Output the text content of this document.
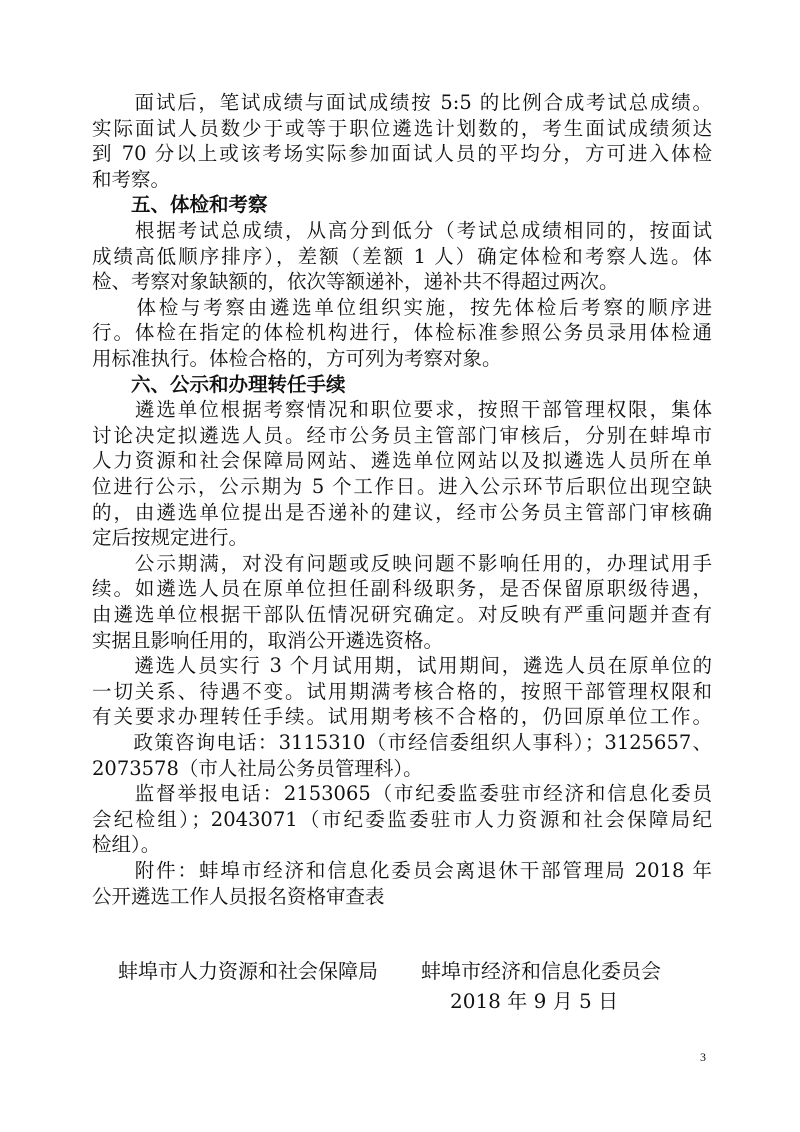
　　面试后，笔试成绩与面试成绩按 5:5 的比例合成考试总成绩。
实际面试人员数少于或等于职位遴选计划数的，考生面试成绩须达
到 70 分以上或该考场实际参加面试人员的平均分，方可进入体检
和考察。
　　五、体检和考察
　　根据考试总成绩，从高分到低分（考试总成绩相同的，按面试
成绩高低顺序排序），差额（差额 1 人）确定体检和考察人选。体
检、考察对象缺额的，依次等额递补，递补共不得超过两次。
　　体检与考察由遴选单位组织实施，按先体检后考察的顺序进
行。体检在指定的体检机构进行，体检标准参照公务员录用体检通
用标准执行。体检合格的，方可列为考察对象。
　　六、公示和办理转任手续
　　遴选单位根据考察情况和职位要求，按照干部管理权限，集体
讨论决定拟遴选人员。经市公务员主管部门审核后，分别在蚌埠市
人力资源和社会保障局网站、遴选单位网站以及拟遴选人员所在单
位进行公示，公示期为 5 个工作日。进入公示环节后职位出现空缺
的，由遴选单位提出是否递补的建议，经市公务员主管部门审核确
定后按规定进行。
　　公示期满，对没有问题或反映问题不影响任用的，办理试用手
续。如遴选人员在原单位担任副科级职务，是否保留原职级待遇，
由遴选单位根据干部队伍情况研究确定。对反映有严重问题并查有
实据且影响任用的，取消公开遴选资格。
　　遴选人员实行 3 个月试用期，试用期间，遴选人员在原单位的
一切关系、待遇不变。试用期满考核合格的，按照干部管理权限和
有关要求办理转任手续。试用期考核不合格的，仍回原单位工作。
　　政策咨询电话：3115310（市经信委组织人事科）；3125657、
2073578（市人社局公务员管理科）。
　　监督举报电话：2153065（市纪委监委驻市经济和信息化委员
会纪检组）；2043071（市纪委监委驻市人力资源和社会保障局纪
检组）。
　　附件：蚌埠市经济和信息化委员会离退休干部管理局 2018 年
公开遴选工作人员报名资格审查表
蚌埠市人力资源和社会保障局 蚌埠市经济和信息化委员会
2018 年 9 月 5 日
3
